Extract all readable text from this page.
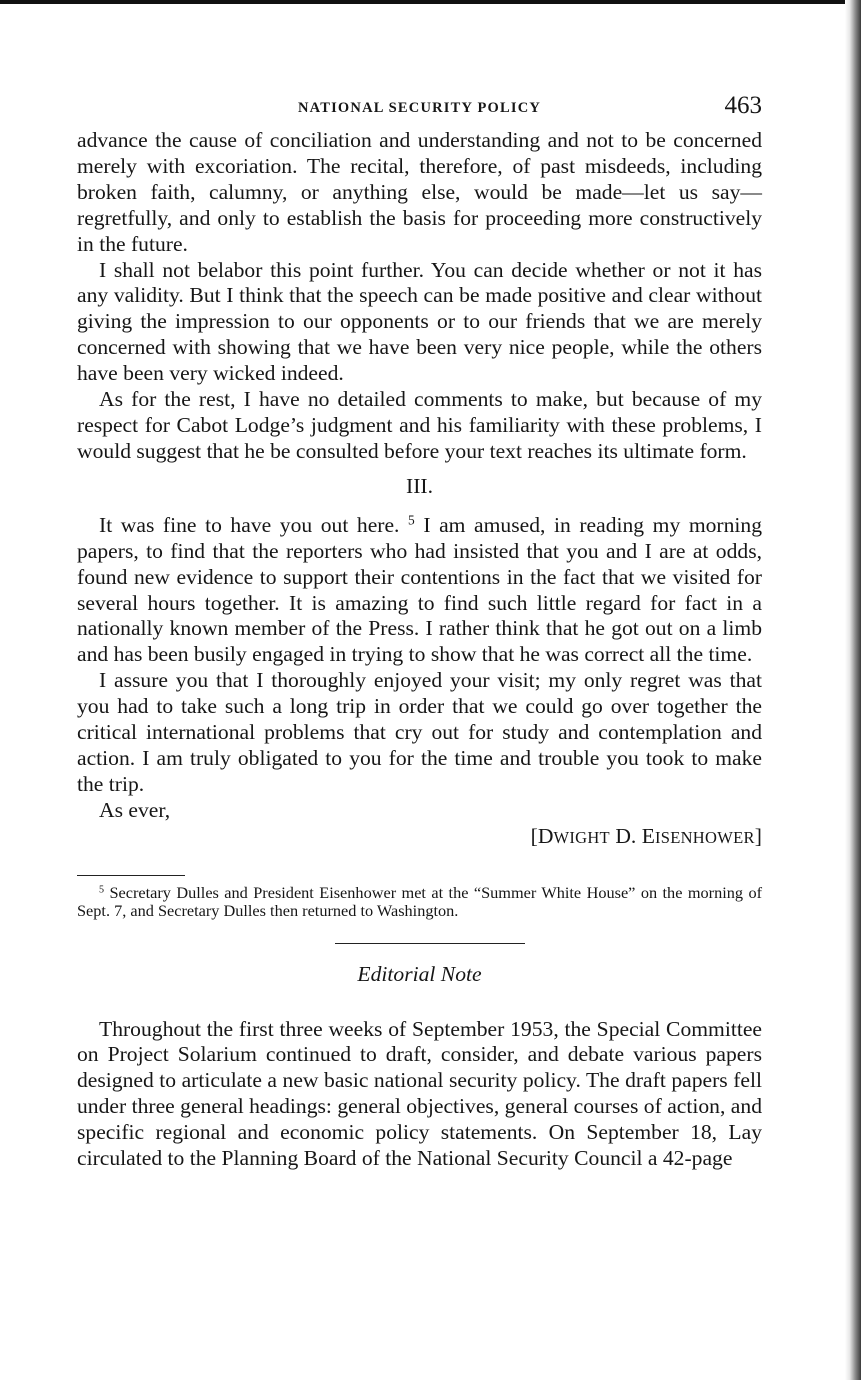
NATIONAL SECURITY POLICY	463

advance the cause of conciliation and understanding and not to be concerned merely with excoriation. The recital, therefore, of past misdeeds, including broken faith, calumny, or anything else, would be made—let us say—regretfully, and only to establish the basis for proceeding more constructively in the future.

I shall not belabor this point further. You can decide whether or not it has any validity. But I think that the speech can be made positive and clear without giving the impression to our opponents or to our friends that we are merely concerned with showing that we have been very nice people, while the others have been very wicked indeed.

As for the rest, I have no detailed comments to make, but because of my respect for Cabot Lodge’s judgment and his familiarity with these problems, I would suggest that he be consulted before your text reaches its ultimate form.

III.

It was fine to have you out here. $^5$ I am amused, in reading my morning papers, to find that the reporters who had insisted that you and I are at odds, found new evidence to support their contentions in the fact that we visited for several hours together. It is amazing to find such little regard for fact in a nationally known member of the Press. I rather think that he got out on a limb and has been busily engaged in trying to show that he was correct all the time.

I assure you that I thoroughly enjoyed your visit; my only regret was that you had to take such a long trip in order that we could go over together the critical international problems that cry out for study and contemplation and action. I am truly obligated to you for the time and trouble you took to make the trip.

As ever,

[DWIGHT D. EISENHOWER]

$^5$ Secretary Dulles and President Eisenhower met at the “Summer White House” on the morning of Sept. 7, and Secretary Dulles then returned to Washington.

Editorial Note

Throughout the first three weeks of September 1953, the Special Committee on Project Solarium continued to draft, consider, and debate various papers designed to articulate a new basic national security policy. The draft papers fell under three general headings: general objectives, general courses of action, and specific regional and economic policy statements. On September 18, Lay circulated to the Planning Board of the National Security Council a 42-page
